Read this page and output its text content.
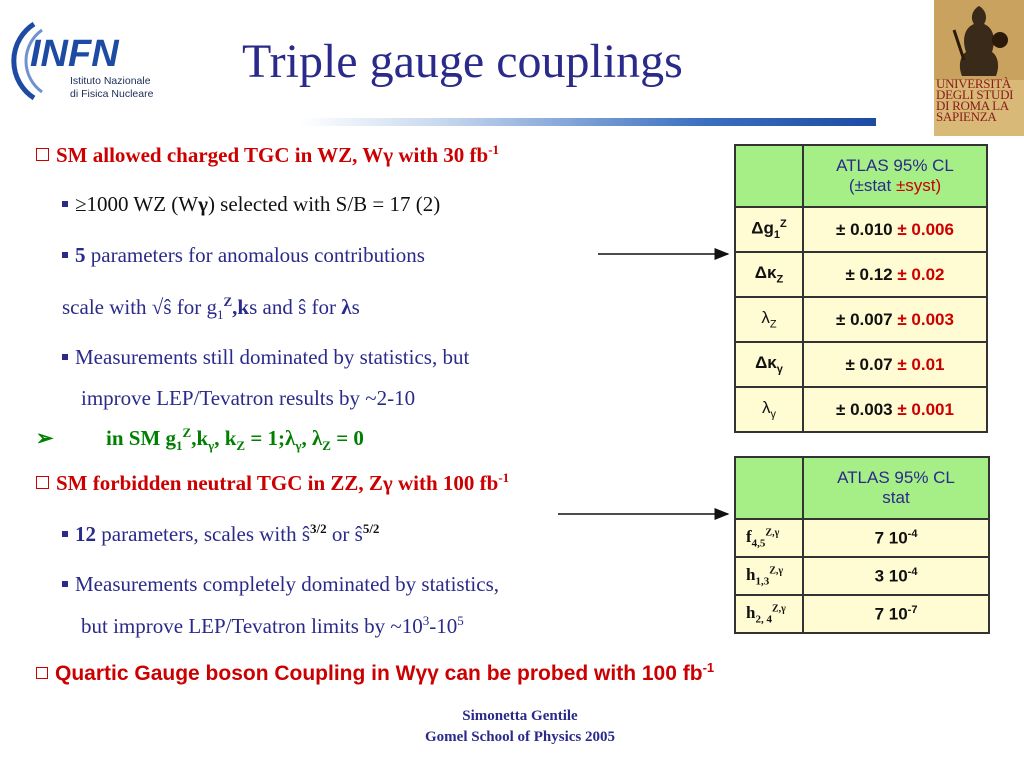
INFN
Istituto Nazionale
di Fisica Nucleare
Triple gauge couplings	UNIVERSITÀ DEGLI STUDI DI ROMA LA SAPIENZA
SM allowed charged TGC in WZ, Wγ with 30 $fb^{-1}$
≥1000 WZ (Wγ) selected with S/B = 17 (2)
5 parameters for anomalous contributions
scale with √ŝ for $g_1^Z,ks$ and ŝ for λs
Measurements still dominated by statistics, but
improve LEP/Tevatron results by ~2-10
➢ in SM $g_1^Z,k_\gamma$, $k_Z$ = $1;\lambda_\gamma$, $\lambda_Z = 0$
SM forbidden neutral TGC in ZZ, Zγ with 100 $fb^{-1}$
12 parameters, scales with $ŝ^{3/2}$ or $ŝ^{5/2}$
Measurements completely dominated by statistics,
but improve LEP/Tevatron limits by $\sim 10^3-10^5$
Quartic Gauge boson Coupling in Wγγ can be probed with 100 $fb^{-1}$

	ATLAS 95% CL
(±stat ±syst)

$\Delta g_1^Z$	± 0.010 ± 0.006
$\Delta\kappa_Z$	± 0.12 ± 0.02
$\lambda_Z$	± 0.007 ± 0.003
$\Delta\kappa_\gamma$	± 0.07 ± 0.01
$\lambda_\gamma$	± 0.003 ± 0.001

	ATLAS 95% CL
stat

$f_{4,5}^{Z,\gamma}$	7 $10^{-4}$
$h_{1,3}^{Z,\gamma}$	3 $10^{-4}$
$h_{2, 4}^{Z,\gamma}$	7 $10^{-7}$
Simonetta Gentile
Gomel School of Physics 2005
